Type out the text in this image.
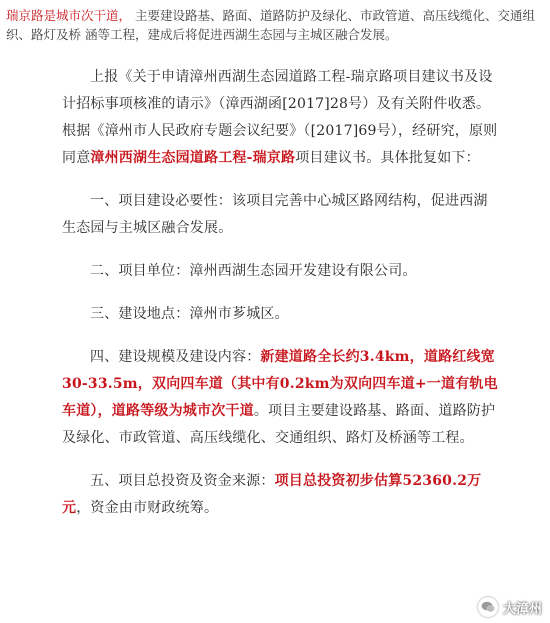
瑞京路是城市次干道， 主要建设路基、路面、道路防护及绿化、市政管道、高压线缆化、交通组织、路灯及桥 涵等工程，建成后将促进西湖生态园与主城区融合发展。

上报《关于申请漳州西湖生态园道路工程-瑞京路项目建议书及设计招标事项核准的请示》（漳西湖函[2017]28号）及有关附件收悉。根据《漳州市人民政府专题会议纪要》（[2017]69号），经研究，原则同意漳州西湖生态园道路工程-瑞京路项目建议书。具体批复如下：

一、项目建设必要性：该项目完善中心城区路网结构，促进西湖生态园与主城区融合发展。

二、项目单位：漳州西湖生态园开发建设有限公司。

三、建设地点：漳州市芗城区。

四、建设规模及建设内容：新建道路全长约3.4km，道路红线宽30-33.5m，双向四车道（其中有0.2km为双向四车道+一道有轨电车道），道路等级为城市次干道。项目主要建设路基、路面、道路防护及绿化、市政管道、高压线缆化、交通组织、路灯及桥涵等工程。

五、项目总投资及资金来源：项目总投资初步估算52360.2万元，资金由市财政统筹。

大漳州
